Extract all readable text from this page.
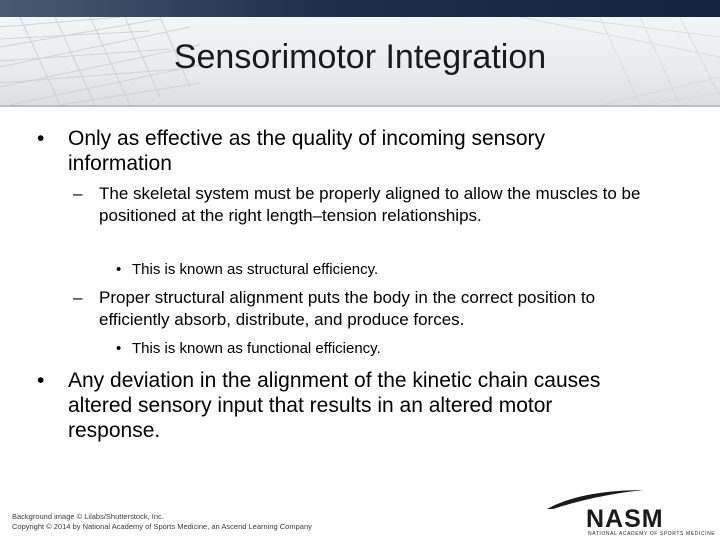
Sensorimotor Integration
• Only as effective as the quality of incoming sensory information
– The skeletal system must be properly aligned to allow the muscles to be positioned at the right length–tension relationships.
• This is known as structural efficiency.
– Proper structural alignment puts the body in the correct position to efficiently absorb, distribute, and produce forces.
• This is known as functional efficiency.
• Any deviation in the alignment of the kinetic chain causes altered sensory input that results in an altered motor response.
Background image © Lilabs/Shutterstock, Inc.
Copyright © 2014 by National Academy of Sports Medicine, an Ascend Learning Company	NASM
NATIONAL ACADEMY OF SPORTS MEDICINE
